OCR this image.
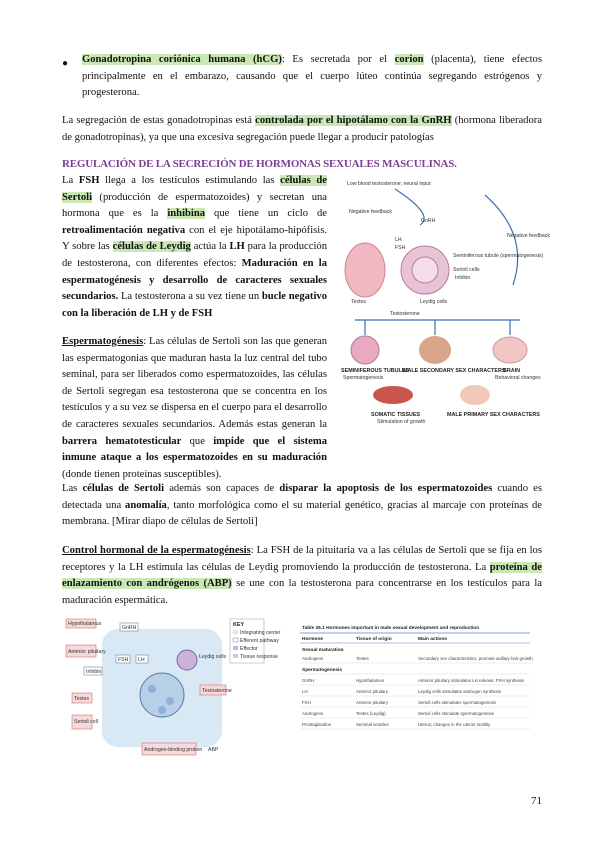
● Gonadotropina coriónica humana (hCG): Es secretada por el corion (placenta), tiene efectos principalmente en el embarazo, causando que el cuerpo lúteo continúa segregando estrógenos y progesterona.
La segregación de estas gonadotropinas está controlada por el hipotálamo con la GnRH (hormona liberadora de gonadotropinas), ya que una excesiva segregación puede llegar a producir patologías
REGULACIÓN DE LA SECRECIÓN DE HORMONAS SEXUALES MASCULINAS.
La FSH llega a los testículos estimulando las células de Sertoli (producción de espermatozoides) y secretan una hormona que es la inhibina que tiene un ciclo de retroalimentación negativa con el eje hipotálamo-hipófisis. Y sobre las células de Leydig actúa la LH para la producción de testosterona, con diferentes efectos: Maduración en la espermatogénesis y desarrollo de caracteres sexuales secundarios. La testosterona a su vez tiene un bucle negativo con la liberación de LH y de FSH
Espermatogénesis: Las células de Sertoli son las que generan las espermatogonias que maduran hasta la luz central del tubo seminal, para ser liberados como espermatozoides, las células de Sertoli segregan esa testosterona que se concentra en los testículos y a su vez se dispersa en el cuerpo para el desarrollo de caracteres sexuales secundarios. Además estas generan la barrera hematotesticular que impide que el sistema inmune ataque a los espermatozoides en su maduración (donde tienen proteínas susceptibles).
Las células de Sertoli además son capaces de disparar la apoptosis de los espermatozoides cuando es detectada una anomalía, tanto morfológica como el su material genético, gracias al marcaje con proteínas de membrana. [Mirar diapo de células de Sertoli]
Control hormonal de la espermatogénesis: La FSH de la pituitaria va a las células de Sertoli que se fija en los receptores y la LH estimula las células de Leydig promoviendo la producción de testosterona. La proteína de enlazamiento con andrógenos (ABP) se une con la testosterona para concentrarse en los testículos para la maduración espermática.
Low blood testosterone; neural input
Negative feedback
GnRH
Negative feedback
LH
FSH
Seminiferous tubule (spermatogenesis)
Sertoli cells
Inhibin
Testes	Leydig cells
Testosterone
SEMINIFEROUS TUBULES
Spermatogenesis
MALE SECONDARY SEX CHARACTERS
BRAIN
Behavioral changes
SOMATIC TISSUES
Stimulation of growth
MALE PRIMARY SEX CHARACTERS
Hypothalamus
Anterior pituitary
GnRH
FSH LH
Inhibin
Testes
Sertoli cell
Leydig cells
Testosterone
Androgen-binding protein ABP
KEY
Integrating center
Efferent pathway
Effector
Tissue response
Table 26.1 Hormones important in male sexual development and reproduction
Hormone	Tissue of origin	Main actions
Sexual maturation
Androgens	Testes	Secondary sex characteristics; promote axillary hair growth
Spermatogenesis
GnRH	Hypothalamus	Anterior pituitary stimulates LH release; FSH synthesis
LH	Anterior pituitary	Leydig cells stimulates androgen synthesis
FSH	Anterior pituitary	Sertoli cells stimulates spermatogenesis
Androgens	Testes (Leydig)	Sertoli cells stimulate spermatogenesis
Prostaglandins	Seminal vesicles	Uterus; changes in the uterus motility
71
